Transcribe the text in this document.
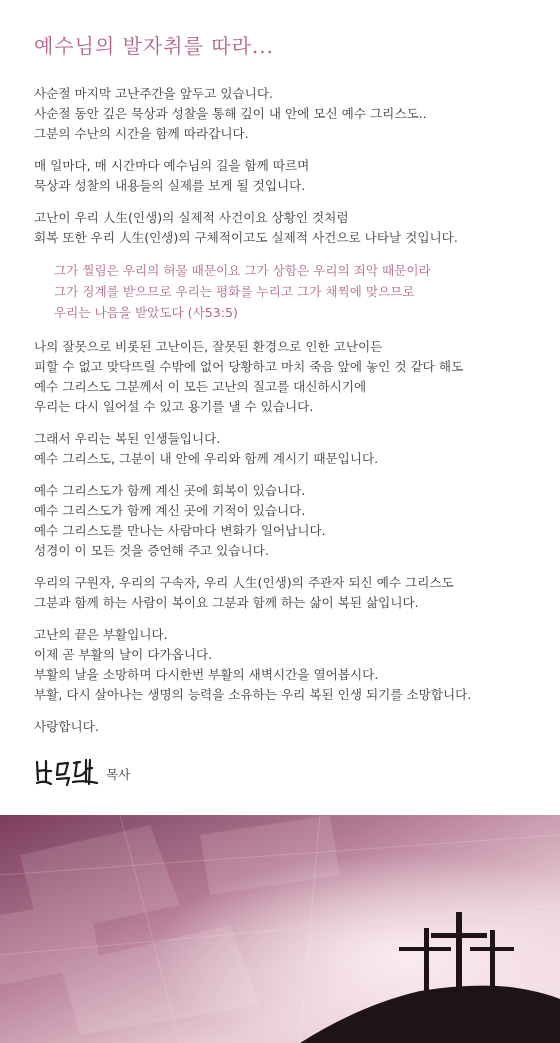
예수님의 발자취를 따라...
사순절 마지막 고난주간을 앞두고 있습니다.
사순절 동안 깊은 묵상과 성찰을 통해 깊이 내 안에 모신 예수 그리스도..
그분의 수난의 시간을 함께 따라갑니다.
매 일마다, 매 시간마다 예수님의 길을 함께 따르며
묵상과 성찰의 내용들의 실제를 보게 될 것입니다.
고난이 우리 人生(인생)의 실제적 사건이요 상황인 것처럼
회복 또한 우리 人生(인생)의 구체적이고도 실제적 사건으로 나타날 것입니다.
그가 찔림은 우리의 허물 때문이요 그가 상함은 우리의 죄악 때문이라
그가 징계를 받으므로 우리는 평화를 누리고 그가 채찍에 맞으므로
우리는 나음을 받았도다 (사53:5)
나의 잘못으로 비롯된 고난이든, 잘못된 환경으로 인한 고난이든
피할 수 없고 맞닥뜨릴 수밖에 없어 당황하고 마치 죽음 앞에 놓인 것 같다 해도
예수 그리스도 그분께서 이 모든 고난의 질고를 대신하시기에
우리는 다시 일어설 수 있고 용기를 낼 수 있습니다.
그래서 우리는 복된 인생들입니다.
예수 그리스도, 그분이 내 안에 우리와 함께 계시기 때문입니다.
예수 그리스도가 함께 계신 곳에 회복이 있습니다.
예수 그리스도가 함께 계신 곳에 기적이 있습니다.
예수 그리스도를 만나는 사람마다 변화가 일어납니다.
성경이 이 모든 것을 증언해 주고 있습니다.
우리의 구원자, 우리의 구속자, 우리 人生(인생)의 주관자 되신 예수 그리스도
그분과 함께 하는 사람이 복이요 그분과 함께 하는 삶이 복된 삶입니다.
고난의 끝은 부활입니다.
이제 곧 부활의 날이 다가옵니다.
부활의 날을 소망하며 다시한번 부활의 새벽시간을 열어봅시다.
부활, 다시 살아나는 생명의 능력을 소유하는 우리 복된 인생 되기를 소망합니다.
사랑합니다.
목사
